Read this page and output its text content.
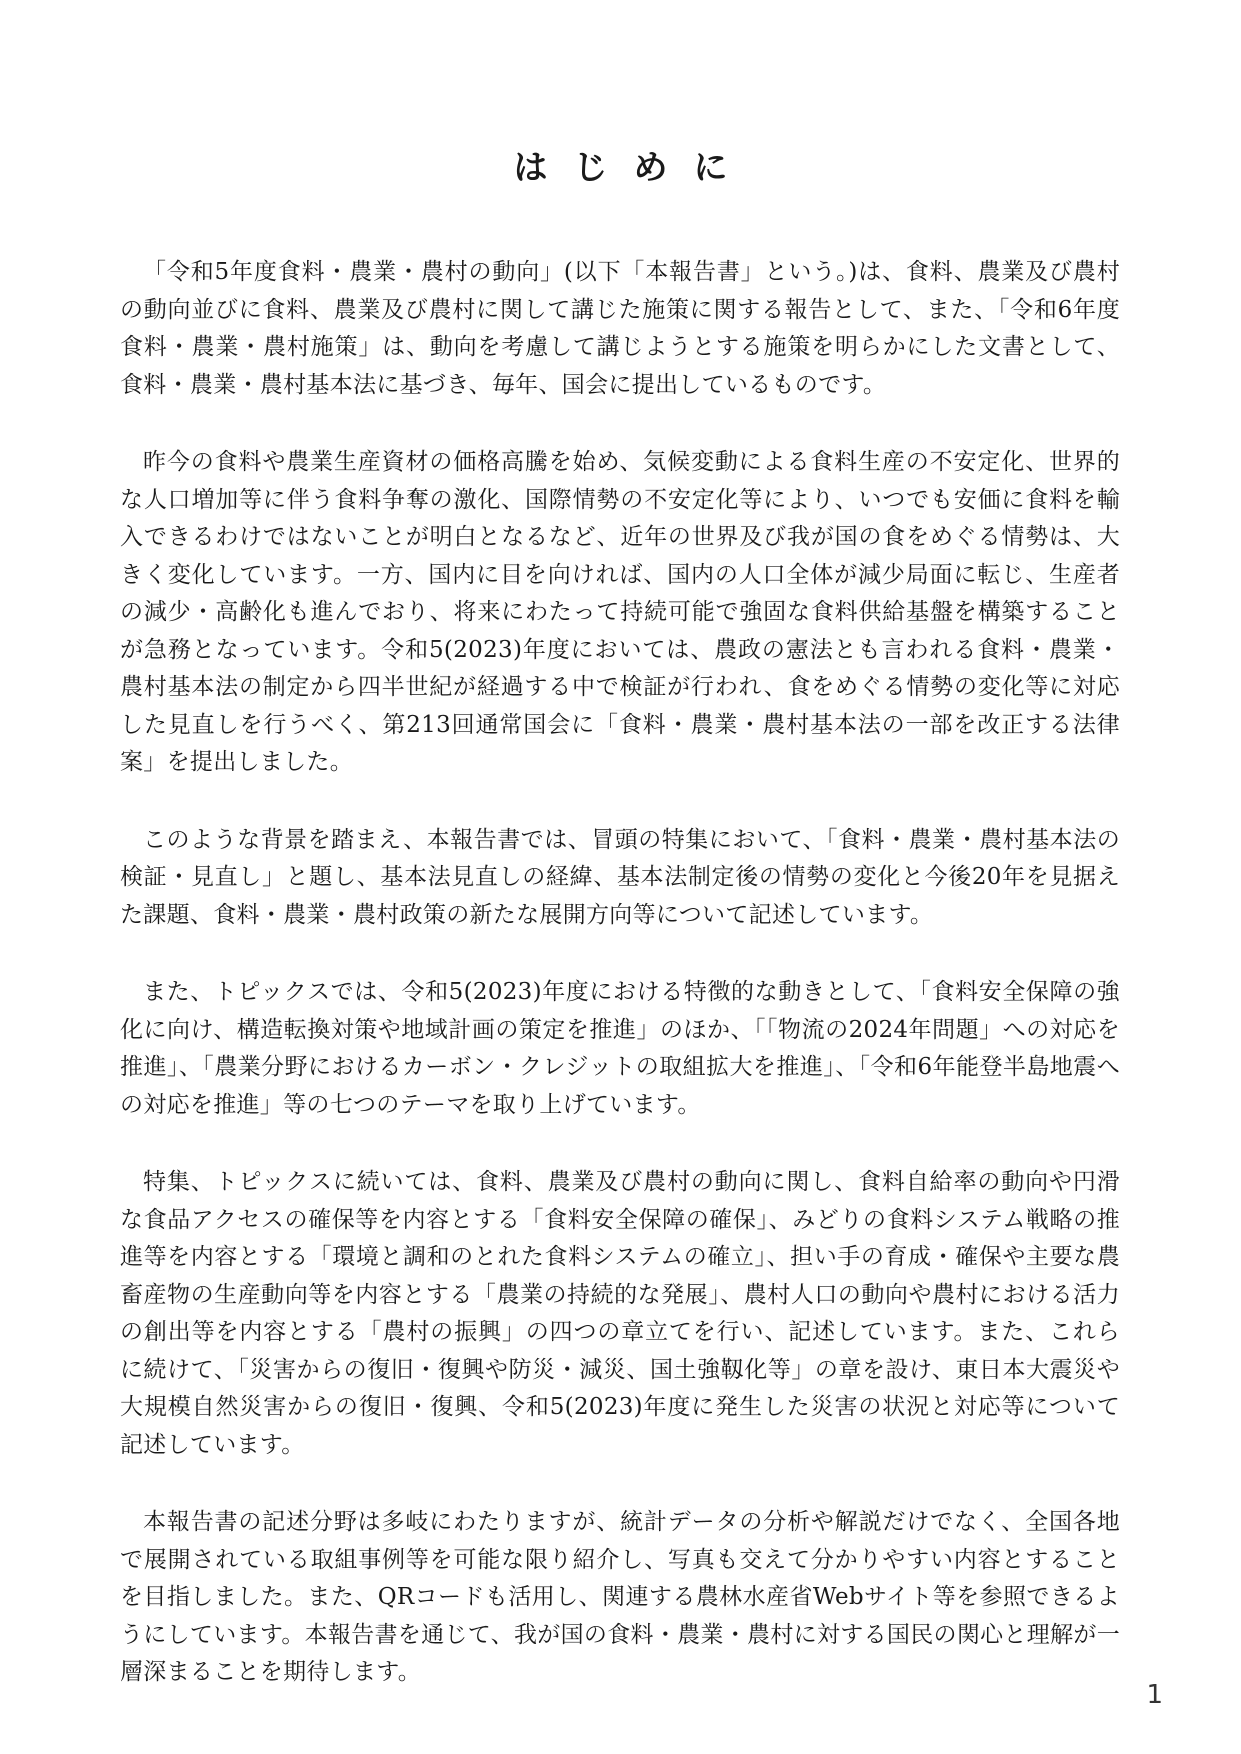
はじめに

「令和5年度食料・農業・農村の動向」(以下「本報告書」という。)は、食料、農業及び農村の動向並びに食料、農業及び農村に関して講じた施策に関する報告として、また、「令和6年度食料・農業・農村施策」は、動向を考慮して講じようとする施策を明らかにした文書として、食料・農業・農村基本法に基づき、毎年、国会に提出しているものです。

昨今の食料や農業生産資材の価格高騰を始め、気候変動による食料生産の不安定化、世界的な人口増加等に伴う食料争奪の激化、国際情勢の不安定化等により、いつでも安価に食料を輸入できるわけではないことが明白となるなど、近年の世界及び我が国の食をめぐる情勢は、大きく変化しています。一方、国内に目を向ければ、国内の人口全体が減少局面に転じ、生産者の減少・高齢化も進んでおり、将来にわたって持続可能で強固な食料供給基盤を構築することが急務となっています。令和5(2023)年度においては、農政の憲法とも言われる食料・農業・農村基本法の制定から四半世紀が経過する中で検証が行われ、食をめぐる情勢の変化等に対応した見直しを行うべく、第213回通常国会に「食料・農業・農村基本法の一部を改正する法律案」を提出しました。

このような背景を踏まえ、本報告書では、冒頭の特集において、「食料・農業・農村基本法の検証・見直し」と題し、基本法見直しの経緯、基本法制定後の情勢の変化と今後20年を見据えた課題、食料・農業・農村政策の新たな展開方向等について記述しています。

また、トピックスでは、令和5(2023)年度における特徴的な動きとして、「食料安全保障の強化に向け、構造転換対策や地域計画の策定を推進」のほか、「「物流の2024年問題」への対応を推進」、「農業分野におけるカーボン・クレジットの取組拡大を推進」、「令和6年能登半島地震への対応を推進」等の七つのテーマを取り上げています。

特集、トピックスに続いては、食料、農業及び農村の動向に関し、食料自給率の動向や円滑な食品アクセスの確保等を内容とする「食料安全保障の確保」、みどりの食料システム戦略の推進等を内容とする「環境と調和のとれた食料システムの確立」、担い手の育成・確保や主要な農畜産物の生産動向等を内容とする「農業の持続的な発展」、農村人口の動向や農村における活力の創出等を内容とする「農村の振興」の四つの章立てを行い、記述しています。また、これらに続けて、「災害からの復旧・復興や防災・減災、国土強靱化等」の章を設け、東日本大震災や大規模自然災害からの復旧・復興、令和5(2023)年度に発生した災害の状況と対応等について記述しています。

本報告書の記述分野は多岐にわたりますが、統計データの分析や解説だけでなく、全国各地で展開されている取組事例等を可能な限り紹介し、写真も交えて分かりやすい内容とすることを目指しました。また、QRコードも活用し、関連する農林水産省Webサイト等を参照できるようにしています。本報告書を通じて、我が国の食料・農業・農村に対する国民の関心と理解が一層深まることを期待します。

1
